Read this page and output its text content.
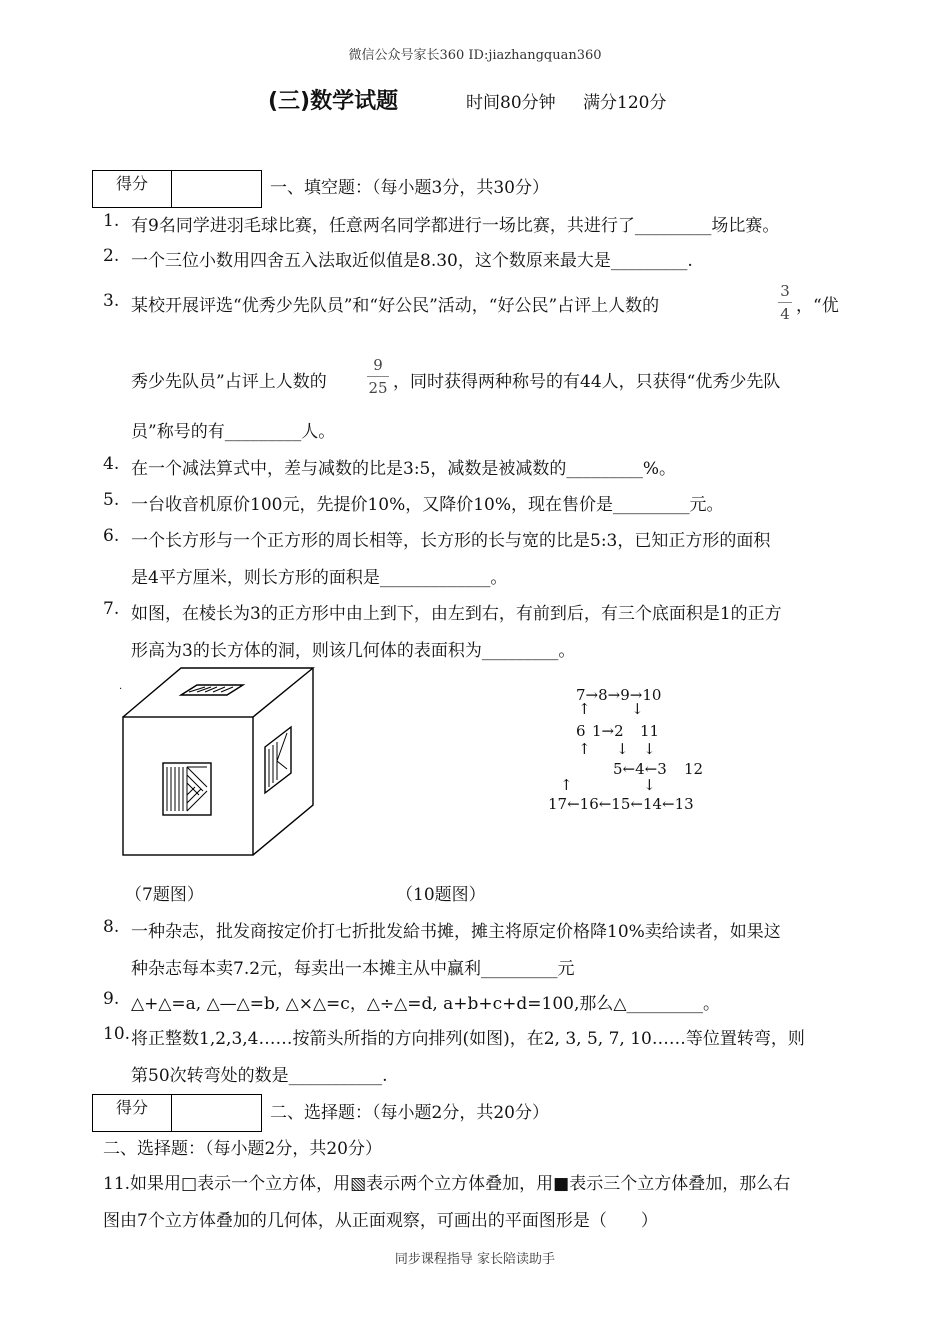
微信公众号家长360 ID:jiazhangquan360
(三)数学试题	时间80分钟 满分120分
得分	一、填空题：（每小题3分，共30分）
1. 有9名同学进羽毛球比赛，任意两名同学都进行一场比赛，共进行了_________场比赛。
2. 一个三位小数用四舍五入法取近似值是8.30，这个数原来最大是_________.
3. 某校开展评选“优秀少先队员”和“好公民”活动，“好公民”占评上人数的
3
4 ，“优
秀少先队员”占评上人数的
9
25 ，同时获得两种称号的有44人，只获得“优秀少先队
员”称号的有_________人。
4. 在一个减法算式中，差与减数的比是3:5，减数是被减数的_________%。
5. 一台收音机原价100元，先提价10%，又降价10%，现在售价是_________元。
6. 一个长方形与一个正方形的周长相等，长方形的长与宽的比是5:3，已知正方形的面积
是4平方厘米，则长方形的面积是_____________。
7. 如图，在棱长为3的正方形中由上到下，由左到右，有前到后，有三个底面积是1的正方
形高为3的长方体的洞，则该几何体的表面积为_________。
·	7→8→9→10
↑	↓
6 1→2 11
↑ ↓ ↓
5←4←3 12
↑	↓
17←16←15←14←13
（7题图）	（10题图）
8. 一种杂志，批发商按定价打七折批发給书摊，摊主将原定价格降10%卖给读者，如果这
种杂志每本卖7.2元，每卖出一本摊主从中赢利_________元
9. △+△=a, △—△=b, △×△=c，△÷△=d, a+b+c+d=100,那么△_________。
10. 将正整数1,2,3,4……按箭头所指的方向排列(如图)，在2, 3, 5, 7, 10……等位置转弯，则
第50次转弯处的数是___________.
得分	二、选择题：（每小题2分，共20分）
二、选择题：（每小题2分，共20分）
11.如果用□表示一个立方体，用▧表示两个立方体叠加，用■表示三个立方体叠加，那么右
图由7个立方体叠加的几何体，从正面观察，可画出的平面图形是（　　）
同步课程指导 家长陪读助手
